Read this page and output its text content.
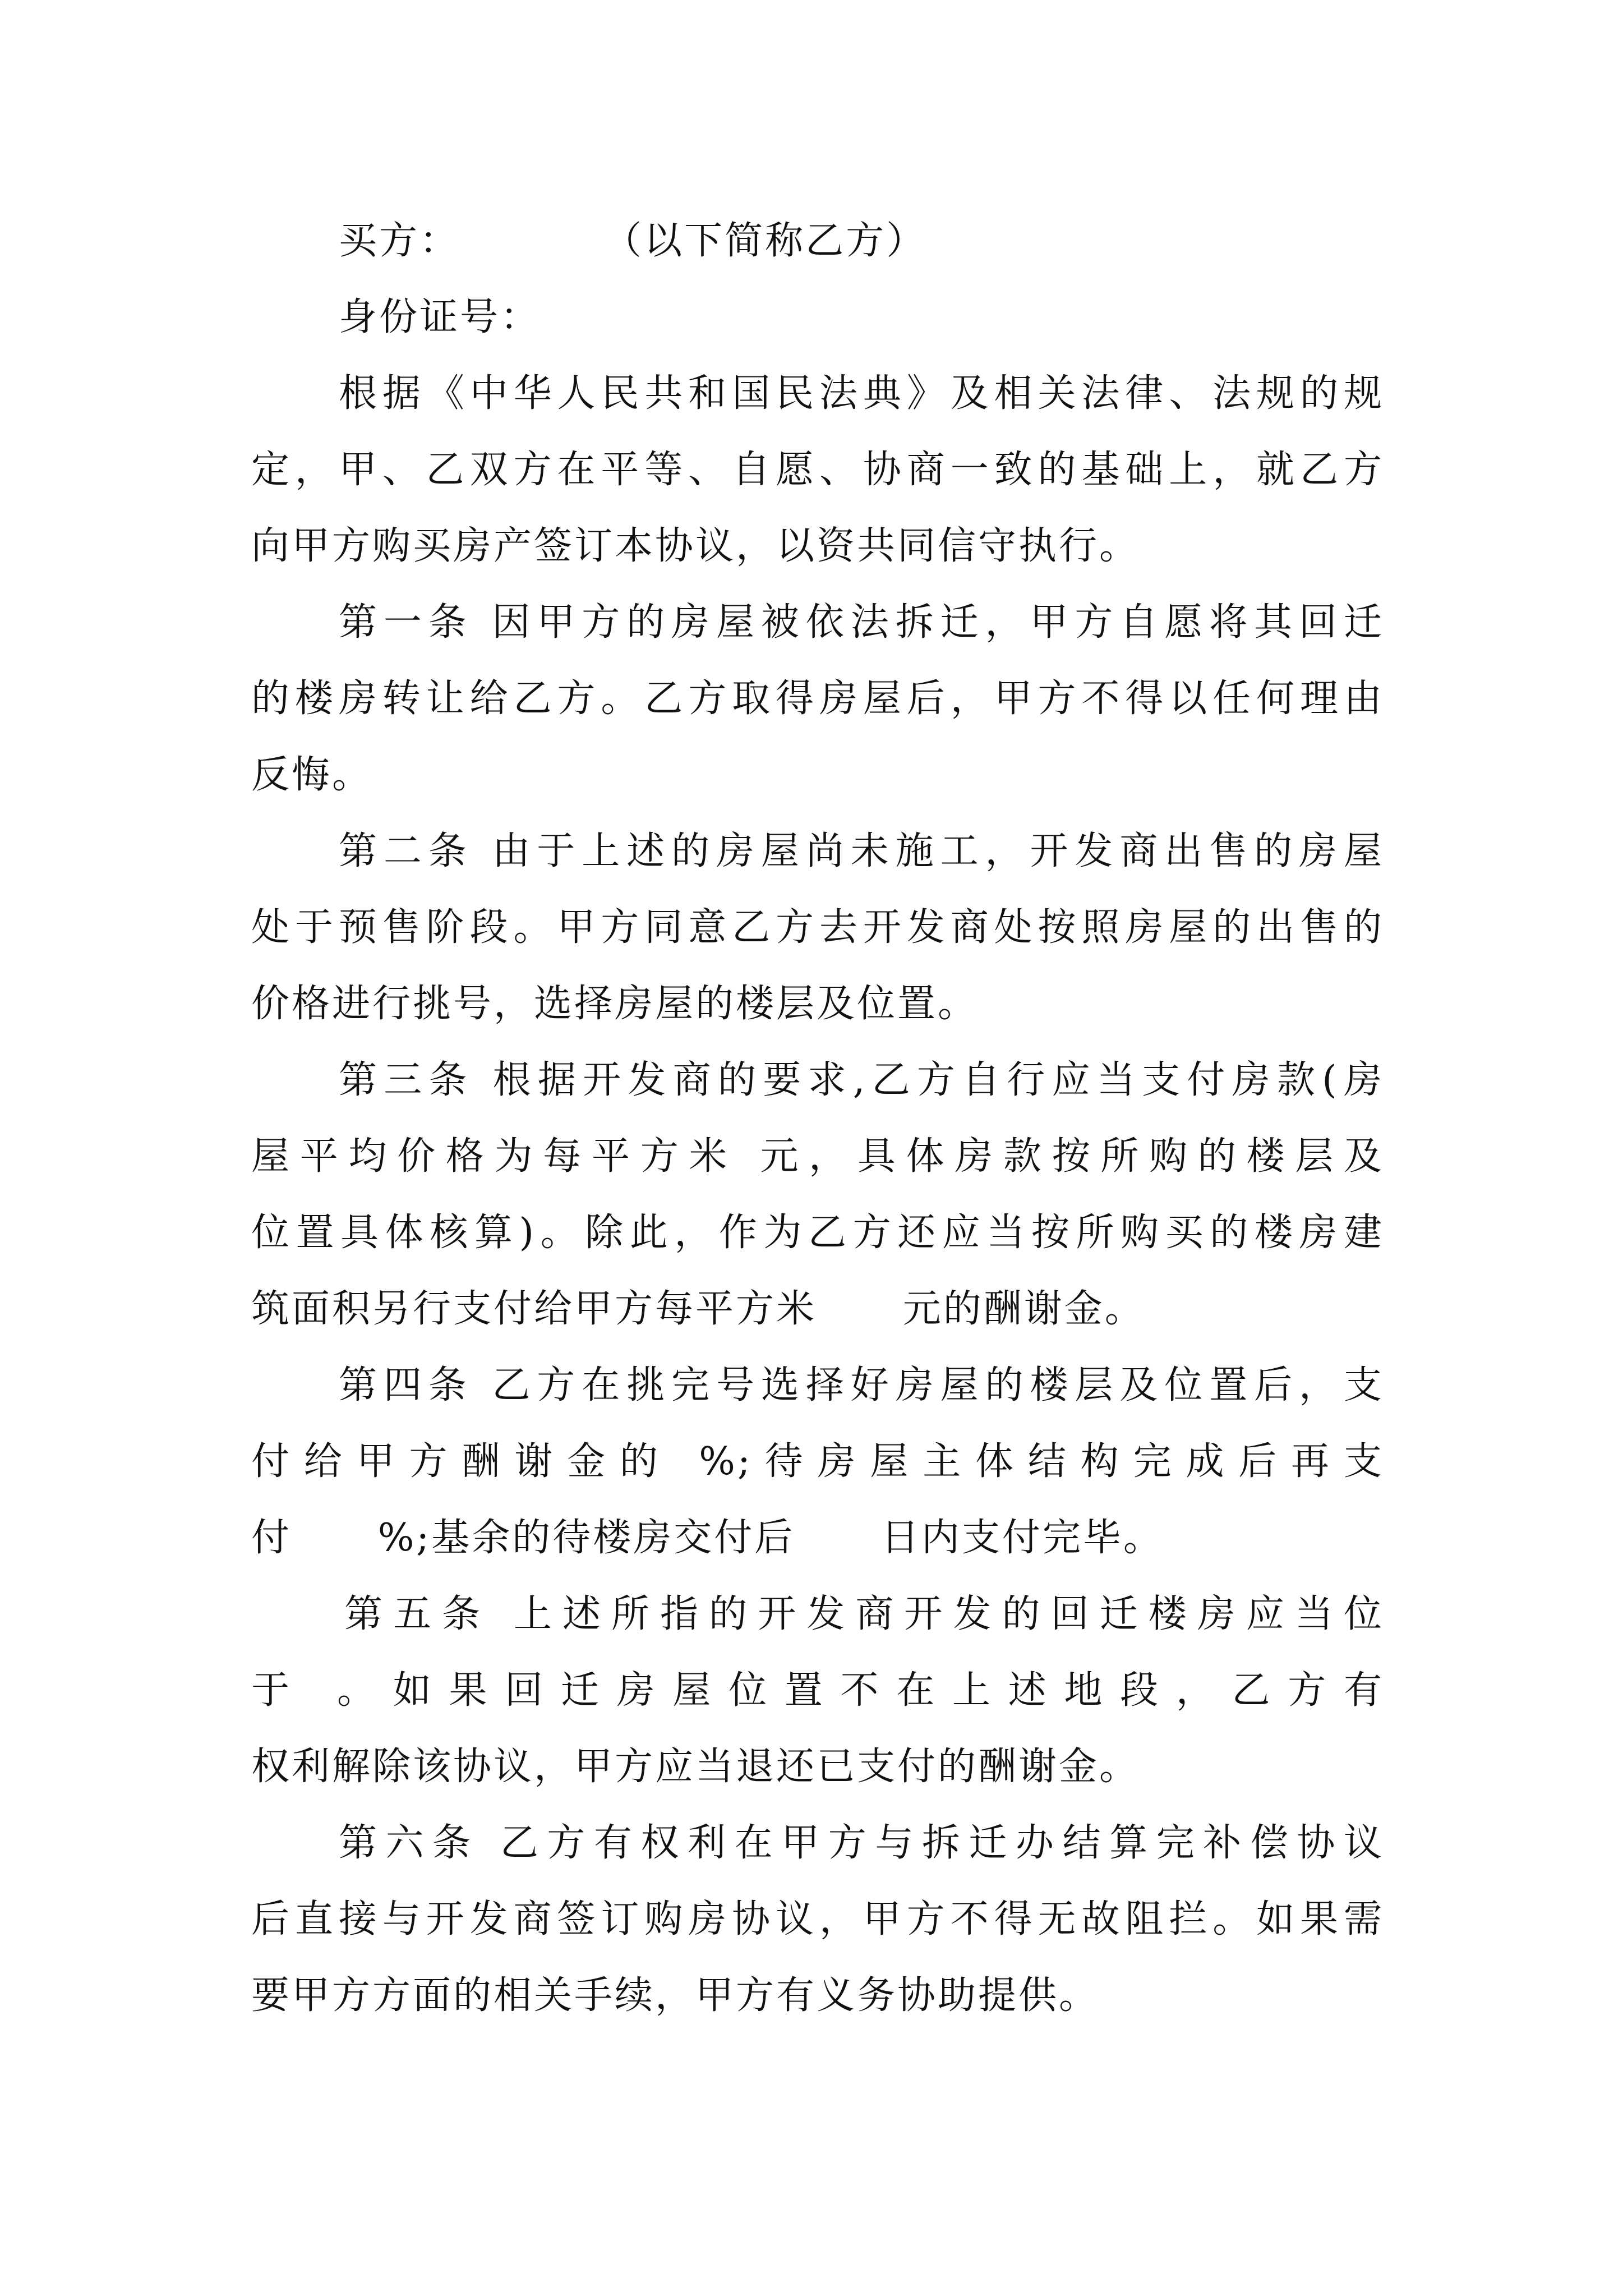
买方：          （以下简称乙方）
身份证号：
根据《中华人民共和国民法典》及相关法律、法规的规
定，甲、乙双方在平等、自愿、协商一致的基础上，就乙方
向甲方购买房产签订本协议，以资共同信守执行。
第一条 因甲方的房屋被依法拆迁，甲方自愿将其回迁
的楼房转让给乙方。乙方取得房屋后，甲方不得以任何理由
反悔。
第二条 由于上述的房屋尚未施工，开发商出售的房屋
处于预售阶段。甲方同意乙方去开发商处按照房屋的出售的
价格进行挑号，选择房屋的楼层及位置。
第三条 根据开发商的要求,乙方自行应当支付房款(房
屋平均价格为每平方米 元，具体房款按所购的楼层及
位置具体核算)。除此，作为乙方还应当按所购买的楼房建
筑面积另行支付给甲方每平方米      元的酬谢金。
第四条 乙方在挑完号选择好房屋的楼层及位置后，支
付给甲方酬谢金的 %;待房屋主体结构完成后再支
付      %;基余的待楼房交付后      日内支付完毕。
第五条 上述所指的开发商开发的回迁楼房应当位
于 。如果回迁房屋位置不在上述地段，乙方有
权利解除该协议，甲方应当退还已支付的酬谢金。
第六条 乙方有权利在甲方与拆迁办结算完补偿协议
后直接与开发商签订购房协议，甲方不得无故阻拦。如果需
要甲方方面的相关手续，甲方有义务协助提供。
